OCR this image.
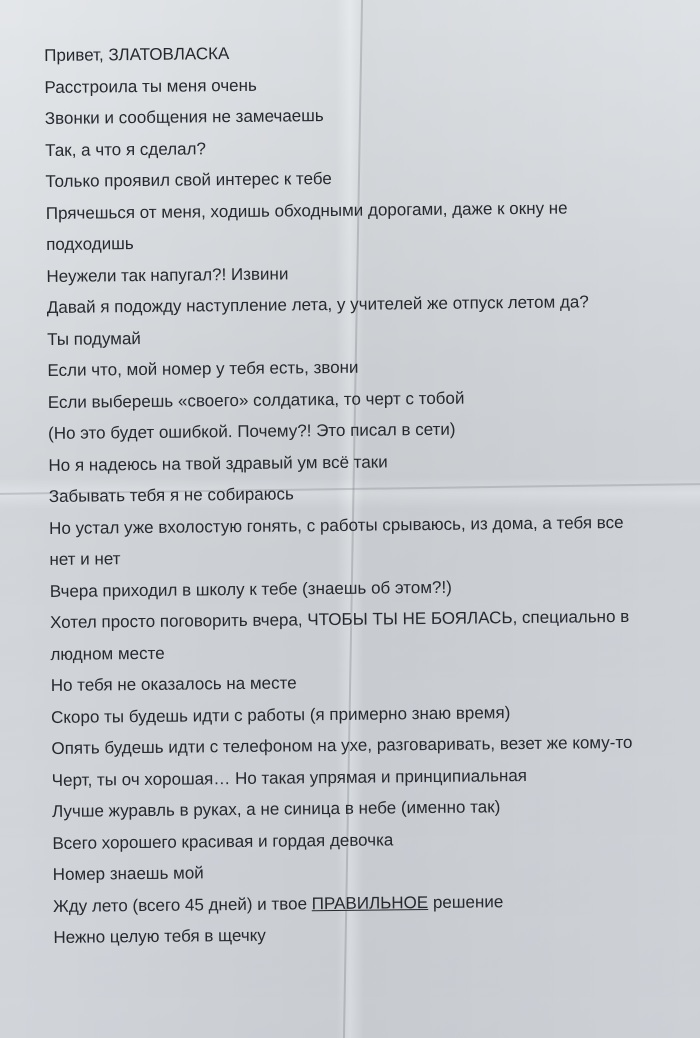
Привет, ЗЛАТОВЛАСКА
Расстроила ты меня очень
Звонки и сообщения не замечаешь
Так, а что я сделал?
Только проявил свой интерес к тебе
Прячешься от меня, ходишь обходными дорогами, даже к окну не
подходишь
Неужели так напугал?! Извини
Давай я подожду наступление лета, у учителей же отпуск летом да?
Ты подумай
Если что, мой номер у тебя есть, звони
Если выберешь «своего» солдатика, то черт с тобой
(Но это будет ошибкой. Почему?! Это писал в сети)
Но я надеюсь на твой здравый ум всё таки
Забывать тебя я не собираюсь
Но устал уже вхолостую гонять, с работы срываюсь, из дома, а тебя все
нет и нет
Вчера приходил в школу к тебе (знаешь об этом?!)
Хотел просто поговорить вчера, ЧТОБЫ ТЫ НЕ БОЯЛАСЬ, специально в
людном месте
Но тебя не оказалось на месте
Скоро ты будешь идти с работы (я примерно знаю время)
Опять будешь идти с телефоном на ухе, разговаривать, везет же кому-то
Черт, ты оч хорошая… Но такая упрямая и принципиальная
Лучше журавль в руках, а не синица в небе (именно так)
Всего хорошего красивая и гордая девочка
Номер знаешь мой
Жду лето (всего 45 дней) и твое ПРАВИЛЬНОЕ решение
Нежно целую тебя в щечку
